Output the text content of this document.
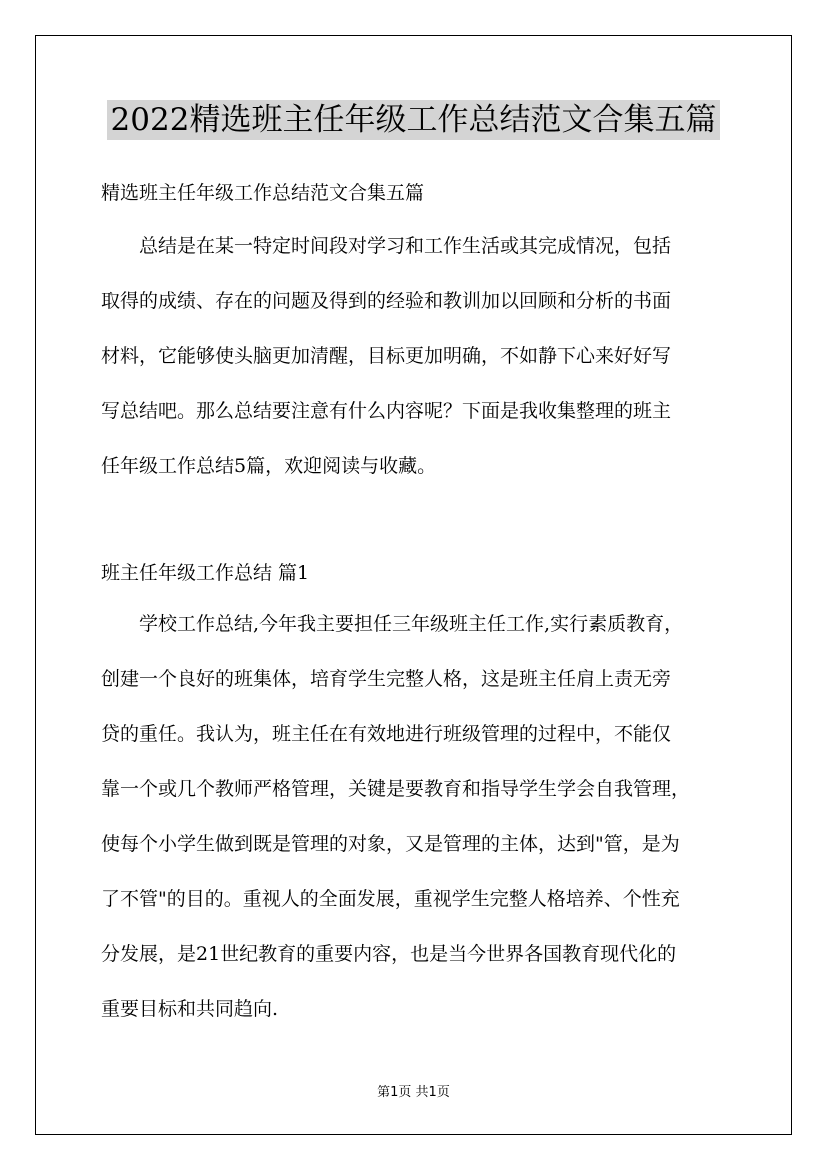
2022精选班主任年级工作总结范文合集五篇
精选班主任年级工作总结范文合集五篇
　　总结是在某一特定时间段对学习和工作生活或其完成情况，包括
取得的成绩、存在的问题及得到的经验和教训加以回顾和分析的书面
材料，它能够使头脑更加清醒，目标更加明确，不如静下心来好好写
写总结吧。那么总结要注意有什么内容呢？下面是我收集整理的班主
任年级工作总结5篇，欢迎阅读与收藏。
班主任年级工作总结 篇1
　　学校工作总结,今年我主要担任三年级班主任工作,实行素质教育，
创建一个良好的班集体，培育学生完整人格，这是班主任肩上责无旁
贷的重任。我认为，班主任在有效地进行班级管理的过程中，不能仅
靠一个或几个教师严格管理，关键是要教育和指导学生学会自我管理，
使每个小学生做到既是管理的对象，又是管理的主体，达到"管，是为
了不管"的目的。重视人的全面发展，重视学生完整人格培养、个性充
分发展，是21世纪教育的重要内容，也是当今世界各国教育现代化的
重要目标和共同趋向.
第1页 共1页
